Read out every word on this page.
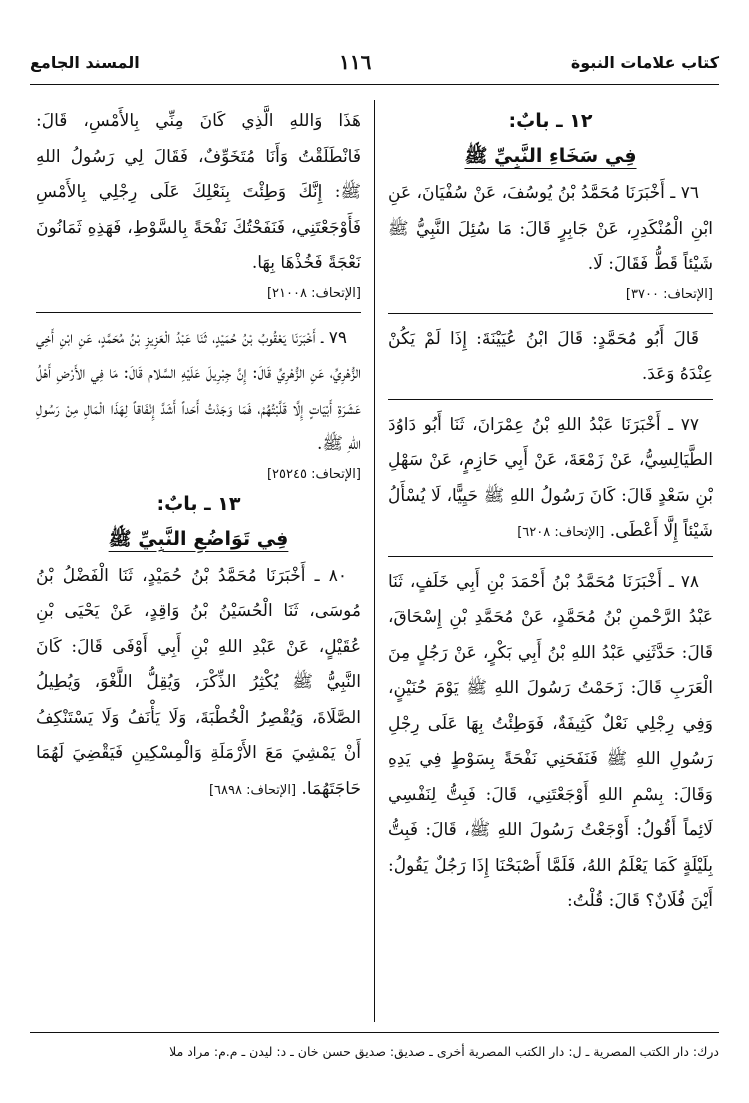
كتاب علامات النبوة
١١٦
المسند الجامع
١٢ ـ بابٌ:
فِي سَخَاءِ النَّبِيِّ ﷺ

٧٦ ـ أَخْبَرَنَا مُحَمَّدُ بْنُ يُوسُفَ، عَنْ سُفْيَانَ، عَنِ ابْنِ الْمُنْكَدِرِ، عَنْ جَابِرٍ قَالَ: مَا سُئِلَ النَّبِيُّ ﷺ شَيْئاً قَطُّ فَقَالَ: لَا.

[الإتحاف: ٣٧٠٠]

قَالَ أَبُو مُحَمَّدٍ: قَالَ ابْنُ عُيَيْنَةَ: إِذَا لَمْ يَكُنْ عِنْدَهُ وَعَدَ.

٧٧ ـ أَخْبَرَنَا عَبْدُ اللهِ بْنُ عِمْرَانَ، ثَنَا أَبُو دَاوُدَ الطَّيَالِسِيُّ، عَنْ زَمْعَةَ، عَنْ أَبِي حَازِمٍ، عَنْ سَهْلِ بْنِ سَعْدٍ قَالَ: كَانَ رَسُولُ اللهِ ﷺ حَيِيًّا، لَا يُسْأَلُ شَيْئاً إِلَّا أَعْطَى. [الإتحاف: ٦٢٠٨]

٧٨ ـ أَخْبَرَنَا مُحَمَّدُ بْنُ أَحْمَدَ بْنِ أَبِي خَلَفٍ، ثَنَا عَبْدُ الرَّحْمنِ بْنُ مُحَمَّدٍ، عَنْ مُحَمَّدِ بْنِ إِسْحَاقَ، قَالَ: حَدَّثَنِي عَبْدُ اللهِ بْنُ أَبِي بَكْرٍ، عَنْ رَجُلٍ مِنَ الْعَرَبِ قَالَ: زَحَمْتُ رَسُولَ اللهِ ﷺ يَوْمَ حُنَيْنٍ، وَفِي رِجْلِي نَعْلٌ كَثِيفَةٌ، فَوَطِئْتُ بِهَا عَلَى رِجْلِ رَسُولِ اللهِ ﷺ فَنَفَحَنِي نَفْحَةً بِسَوْطٍ فِي يَدِهِ وَقَالَ: بِسْمِ اللهِ أَوْجَعْتَنِي، قَالَ: فَبِتُّ لِنَفْسِي لَائِماً أَقُولُ: أَوْجَعْتُ رَسُولَ اللهِ ﷺ، قَالَ: فَبِتُّ بِلَيْلَةٍ كَمَا يَعْلَمُ اللهُ، فَلَمَّا أَصْبَحْنَا إِذَا رَجُلٌ يَقُولُ: أَيْنَ فُلَانٌ؟ قَالَ: قُلْتُ:

هَذَا وَاللهِ الَّذِي كَانَ مِنِّي بِالأَمْسِ، قَالَ: فَانْطَلَقْتُ وَأَنَا مُتَخَوِّفٌ، فَقَالَ لِي رَسُولُ اللهِ ﷺ: إِنَّكَ وَطِئْتَ بِنَعْلِكَ عَلَى رِجْلِي بِالأَمْسِ فَأَوْجَعْتَنِي، فَنَفَحْتُكَ نَفْحَةً بِالسَّوْطِ، فَهَذِهِ ثَمَانُونَ نَعْجَةً فَخُذْهَا بِهَا.

[الإتحاف: ٢١٠٠٨]

٧٩ ـ أَخْبَرَنَا يَعْقُوبُ بْنُ حُمَيْدٍ، ثَنَا عَبْدُ الْعَزِيزِ بْنُ مُحَمَّدٍ، عَنِ ابْنِ أَخِي الزُّهْرِيِّ، عَنِ الزُّهْرِيِّ قَالَ: إِنَّ جِبْرِيلَ عَلَيْهِ السَّلام قَالَ: مَا فِي الأَرْضِ أَهْلُ عَشَرَةِ أَبْيَاتٍ إِلَّا قَلَّبْتُهُمْ، فَمَا وَجَدْتُ أَحَداً أَشَدَّ إِنْفَاقاً لِهَذَا الْمَالِ مِنْ رَسُولِ اللهِ ﷺ.

[الإتحاف: ٢٥٢٤٥]
١٣ ـ بابٌ:
فِي تَوَاضُعِ النَّبِيِّ ﷺ

٨٠ ـ أَخْبَرَنَا مُحَمَّدُ بْنُ حُمَيْدٍ، ثَنَا الْفَضْلُ بْنُ مُوسَى، ثَنَا الْحُسَيْنُ بْنُ وَاقِدٍ، عَنْ يَحْيَى بْنِ عُقَيْلٍ، عَنْ عَبْدِ اللهِ بْنِ أَبِي أَوْفَى قَالَ: كَانَ النَّبِيُّ ﷺ يُكْثِرُ الذِّكْرَ، وَيُقِلُّ اللَّغْوَ، وَيُطِيلُ الصَّلَاةَ، وَيُقْصِرُ الْخُطْبَةَ، وَلَا يَأْنَفُ وَلَا يَسْتَنْكِفُ أَنْ يَمْشِيَ مَعَ الأَرْمَلَةِ وَالْمِسْكِينِ فَيَقْضِيَ لَهُمَا حَاجَتَهُمَا. [الإتحاف: ٦٨٩٨]

درك: دار الكتب المصرية ـ ل: دار الكتب المصرية أخرى ـ صديق: صديق حسن خان ـ د: ليدن ـ م.م: مراد ملا
